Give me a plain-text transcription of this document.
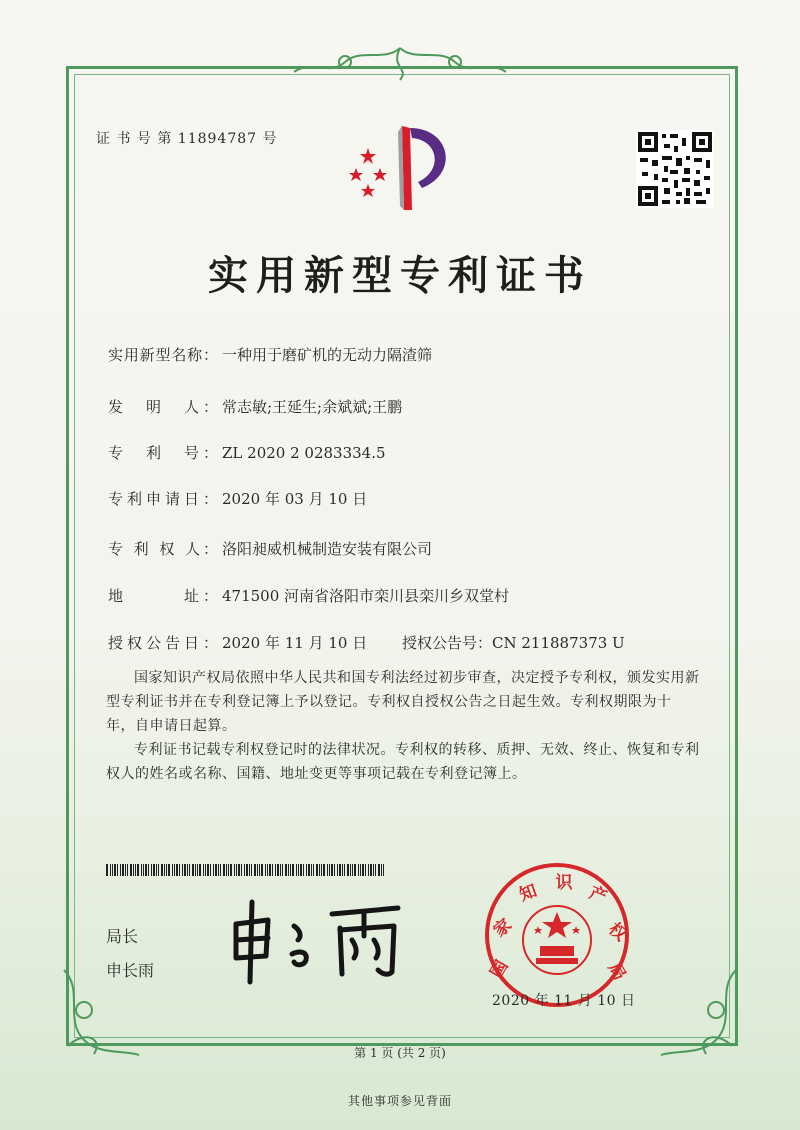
证 书 号 第 11894787 号
实用新型专利证书
实用新型名称： 一种用于磨矿机的无动力隔渣筛
发　明　人： 常志敏;王延生;余斌斌;王鹏
专　利　号： ZL 2020 2 0283334.5
专利申请日： 2020 年 03 月 10 日
专 利 权 人： 洛阳昶威机械制造安装有限公司
地　　　址： 471500 河南省洛阳市栾川县栾川乡双堂村
授权公告日： 2020 年 11 月 10 日 授权公告号：CN 211887373 U
国家知识产权局依照中华人民共和国专利法经过初步审查，决定授予专利权，颁发实用新型专利证书并在专利登记簿上予以登记。专利权自授权公告之日起生效。专利权期限为十年，自申请日起算。
专利证书记载专利权登记时的法律状况。专利权的转移、质押、无效、终止、恢复和专利权人的姓名或名称、国籍、地址变更等事项记载在专利登记簿上。
局长
申长雨	国
家
知 识 产
权
局
2020 年 11 月 10 日
第 1 页 (共 2 页)
其他事项参见背面
